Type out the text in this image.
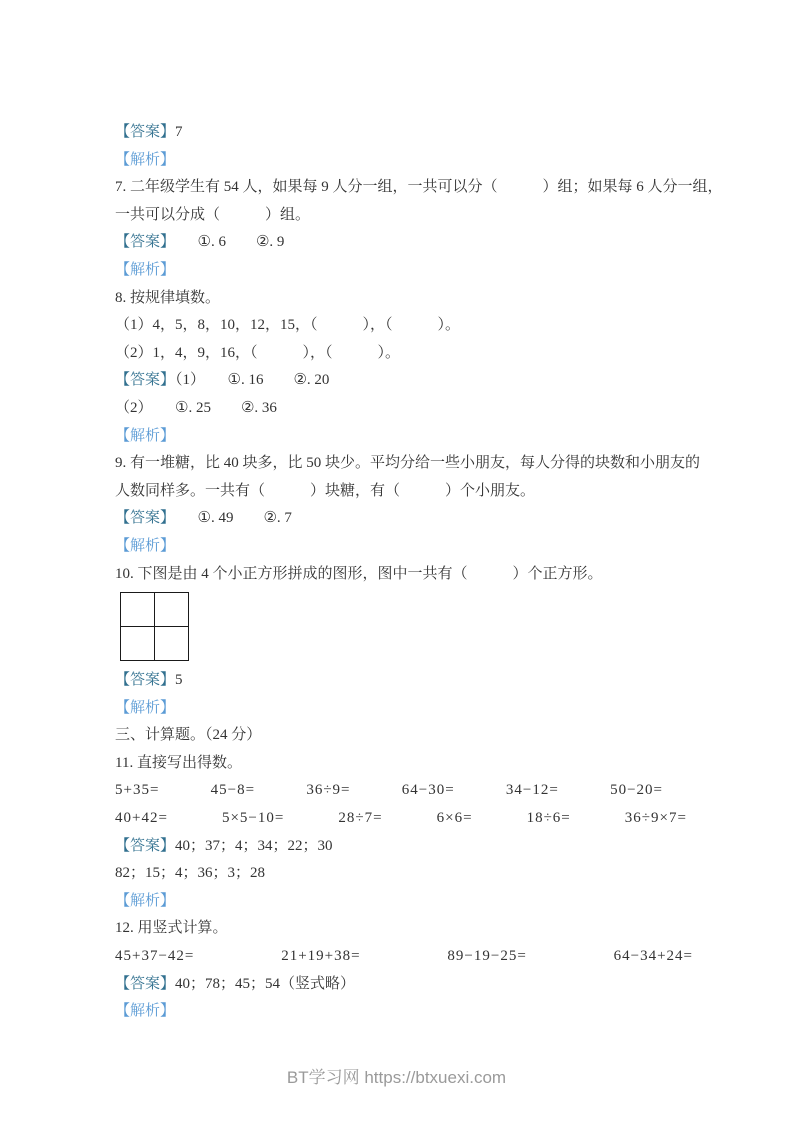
【答案】7
【解析】
7. 二年级学生有 54 人，如果每 9 人分一组，一共可以分（　　　）组；如果每 6 人分一组，
一共可以分成（　　　）组。
【答案】　　①. 6　　②. 9
【解析】
8. 按规律填数。
（1）4，5，8，10，12，15，（　　　），（　　　）。
（2）1，4，9，16，（　　　），（　　　）。
【答案】（1）　　①. 16　　②. 20
（2）　　①. 25　　②. 36
【解析】
9. 有一堆糖，比 40 块多，比 50 块少。平均分给一些小朋友，每人分得的块数和小朋友的
人数同样多。一共有（　　　）块糖，有（　　　）个小朋友。
【答案】　　①. 49　　②. 7
【解析】
10. 下图是由 4 个小正方形拼成的图形，图中一共有（　　　）个正方形。
【答案】5
【解析】
三、计算题。（24 分）
11. 直接写出得数。
5+35=	45−8=	36÷9=	64−30=	34−12=	50−20=
40+42=	5×5−10=	28÷7=	6×6=	18÷6=	36÷9×7=
【答案】40；37；4；34；22；30
82；15；4；36；3；28
【解析】
12. 用竖式计算。
45+37−42=	21+19+38=	89−19−25=	64−34+24=
【答案】40；78；45；54（竖式略）
【解析】
BT学习网 https://btxuexi.com
